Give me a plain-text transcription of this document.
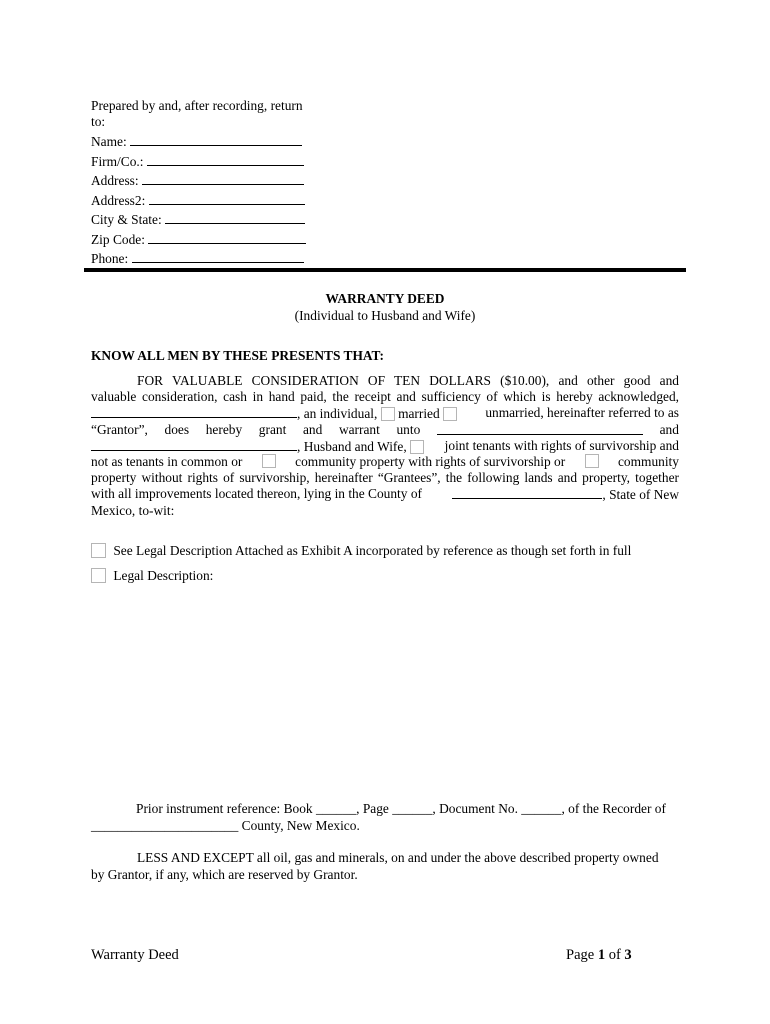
Prepared by and, after recording, return
to:
Name:
Firm/Co.:
Address:
Address2:
City & State:
Zip Code:
Phone:
WARRANTY DEED
(Individual to Husband and Wife)
KNOW ALL MEN BY THESE PRESENTS THAT:
FOR VALUABLE CONSIDERATION OF TEN DOLLARS ($10.00), and other good and
valuable consideration, cash in hand paid, the receipt and sufficiency of which is hereby acknowledged,
, an individual, married	unmarried, hereinafter referred to as
“Grantor”, does hereby grant and warrant unto	and
, Husband and Wife,	joint tenants with rights of survivorship and
not as tenants in common or	community property with rights of survivorship or	community
property without rights of survivorship, hereinafter “Grantees”, the following lands and property, together
with all improvements located thereon, lying in the County of	, State of New
Mexico, to-wit:
See Legal Description Attached as Exhibit A incorporated by reference as though set forth in full
Legal Description:
Prior instrument reference: Book ______, Page ______, Document No. ______, of the Recorder of
______________________ County, New Mexico.
LESS AND EXCEPT all oil, gas and minerals, on and under the above described property owned
by Grantor, if any, which are reserved by Grantor.
Warranty Deed	Page 1 of 3
